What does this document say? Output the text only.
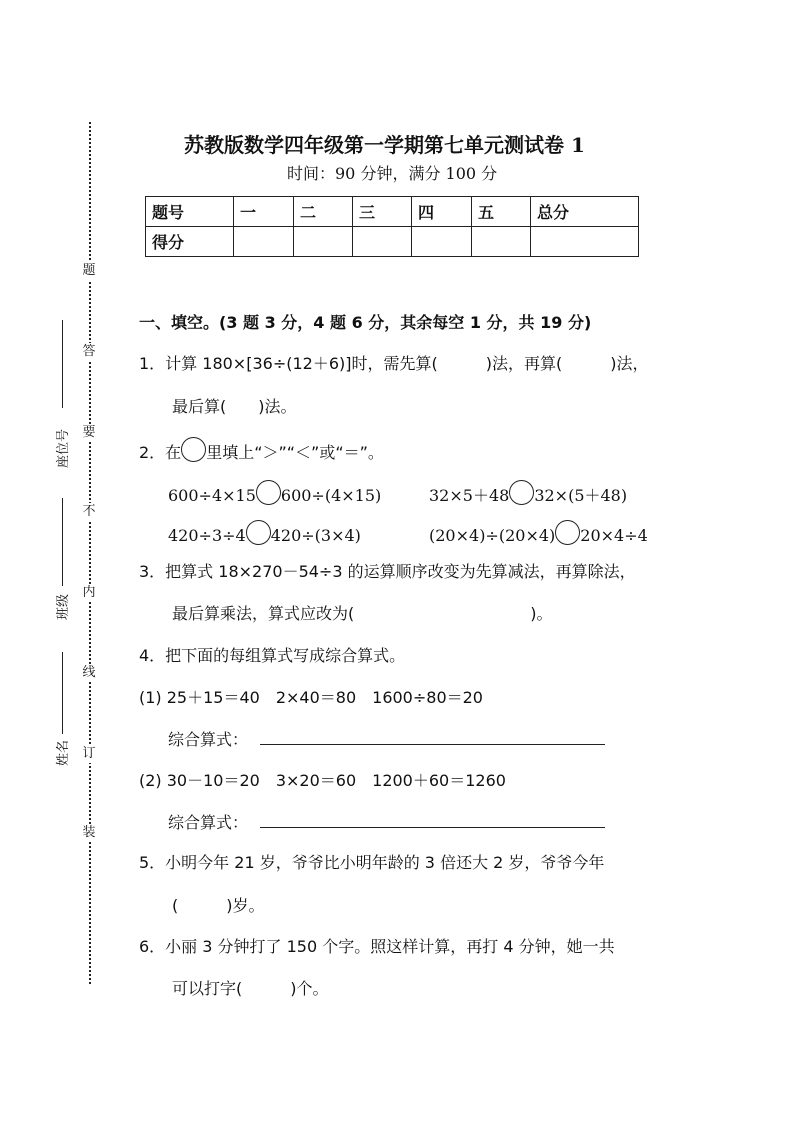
题
答
要
不
内
线
订
装
座位号
班级
姓名
苏教版数学四年级第一学期第七单元测试卷 1
时间：90 分钟，满分 100 分
题号	一	二	三	四	五	总分
得分						
一、填空。(3 题 3 分，4 题 6 分，其余每空 1 分，共 19 分)
1．计算 180×[36÷(12＋6)]时，需先算(　　　)法，再算(　　　)法，
最后算(　　)法。
2．在 里填上“＞”“＜”或“＝”。
600÷4×15 600÷(4×15)	32×5＋48 32×(5＋48)
420÷3÷4 420÷(3×4)	(20×4)÷(20×4) 20×4÷4
3．把算式 18×270－54÷3 的运算顺序改变为先算减法，再算除法，
最后算乘法，算式应改为(　　　　　　　　　　　)。
4．把下面的每组算式写成综合算式。
(1) 25＋15＝40　2×40＝80　1600÷80＝20
综合算式：
(2) 30－10＝20　3×20＝60　1200＋60＝1260
综合算式：
5．小明今年 21 岁，爷爷比小明年龄的 3 倍还大 2 岁，爷爷今年
(　　　)岁。
6．小丽 3 分钟打了 150 个字。照这样计算，再打 4 分钟，她一共
可以打字(　　　)个。
